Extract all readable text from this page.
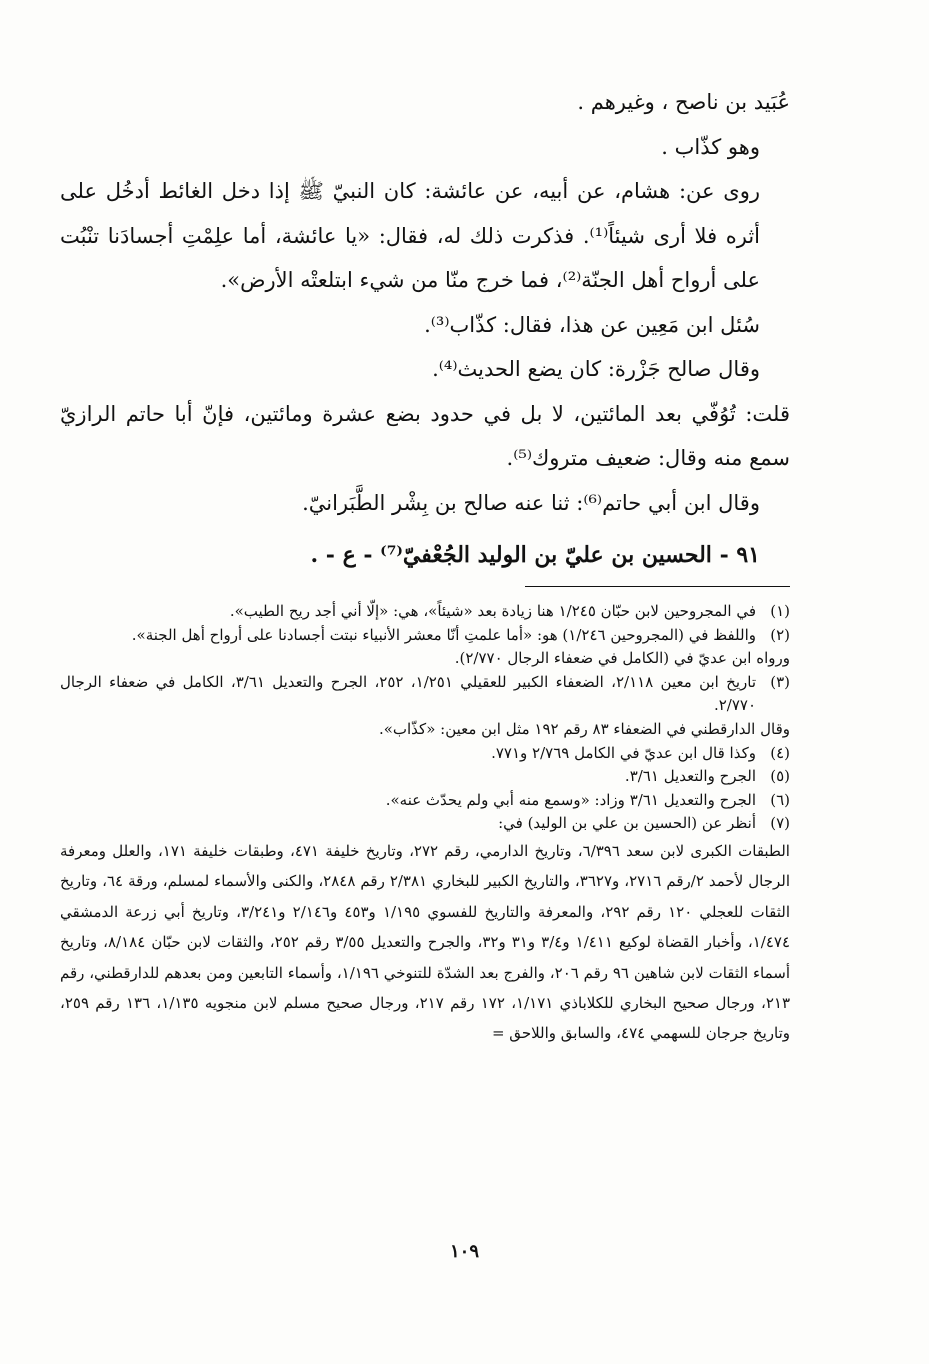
عُبَيد بن ناصح ، وغيرهم .

وهو كذّاب .

روى عن: هشام، عن أبيه، عن عائشة: كان النبيّ ﷺ إذا دخل الغائط أدخُل على أثره فلا أرى شيئاً⁽¹⁾. فذكرت ذلك له، فقال: «يا عائشة، أما علِمْتِ أجسادَنا تنْبُت على أرواح أهل الجنّة⁽²⁾، فما خرج منّا من شيء ابتلعتْه الأرض».

سُئل ابن مَعِين عن هذا، فقال: كذّاب⁽³⁾.

وقال صالح جَزْرة: كان يضع الحديث⁽⁴⁾.

قلت: تُوُفّي بعد المائتين، لا بل في حدود بضع عشرة ومائتين، فإنّ أبا حاتم الرازيّ سمع منه وقال: ضعيف متروك⁽⁵⁾.

وقال ابن أبي حاتم⁽⁶⁾: ثنا عنه صالح بن بِشْر الطَّبَرانيّ.

٩١ - الحسين بن عليّ بن الوليد الجُعْفيّ⁽⁷⁾ - ع - .
(١)
في المجروحين لابن حبّان ١/٢٤٥ هنا زيادة بعد «شيئاً»، هي: «إلّا أني أجد ريح الطيب».
(٢)
واللفظ في (المجروحين ١/٢٤٦) هو: «أما علمتِ أنّا معشر الأنبياء نبتت أجسادنا على أرواح أهل الجنة».
ورواه ابن عديّ في (الكامل في ضعفاء الرجال ٢/٧٧٠).
(٣)
تاريخ ابن معين ٢/١١٨، الضعفاء الكبير للعقيلي ١/٢٥١، ٢٥٢، الجرح والتعديل ٣/٦١، الكامل في ضعفاء الرجال ٢/٧٧٠.
وقال الدارقطني في الضعفاء ٨٣ رقم ١٩٢ مثل ابن معين: «كذّاب».
(٤)
وكذا قال ابن عديّ في الكامل ٢/٧٦٩ و٧٧١.
(٥)
الجرح والتعديل ٣/٦١.
(٦)
الجرح والتعديل ٣/٦١ وزاد: «وسمع منه أبي ولم يحدّث عنه».
(٧)
أنظر عن (الحسين بن علي بن الوليد) في:
الطبقات الكبرى لابن سعد ٦/٣٩٦، وتاريخ الدارمي، رقم ٢٧٢، وتاريخ خليفة ٤٧١، وطبقات خليفة ١٧١، والعلل ومعرفة الرجال لأحمد ٢/رقم ٢٧١٦، و٣٦٢٧، والتاريخ الكبير للبخاري ٢/٣٨١ رقم ٢٨٤٨، والكنى والأسماء لمسلم، ورقة ٦٤، وتاريخ الثقات للعجلي ١٢٠ رقم ٢٩٢، والمعرفة والتاريخ للفسوي ١/١٩٥ و٤٥٣ و٢/١٤٦ و٣/٢٤١، وتاريخ أبي زرعة الدمشقي ١/٤٧٤، وأخبار القضاة لوكيع ١/٤١١ و٣/٤ و٣١ و٣٢، والجرح والتعديل ٣/٥٥ رقم ٢٥٢، والثقات لابن حبّان ٨/١٨٤، وتاريخ أسماء الثقات لابن شاهين ٩٦ رقم ٢٠٦، والفرج بعد الشدّة للتنوخي ١/١٩٦، وأسماء التابعين ومن بعدهم للدارقطني، رقم ٢١٣، ورجال صحيح البخاري للكلاباذي ١/١٧١، ١٧٢ رقم ٢١٧، ورجال صحيح مسلم لابن منجويه ١/١٣٥، ١٣٦ رقم ٢٥٩، وتاريخ جرجان للسهمي ٤٧٤، والسابق واللاحق =
١٠٩
